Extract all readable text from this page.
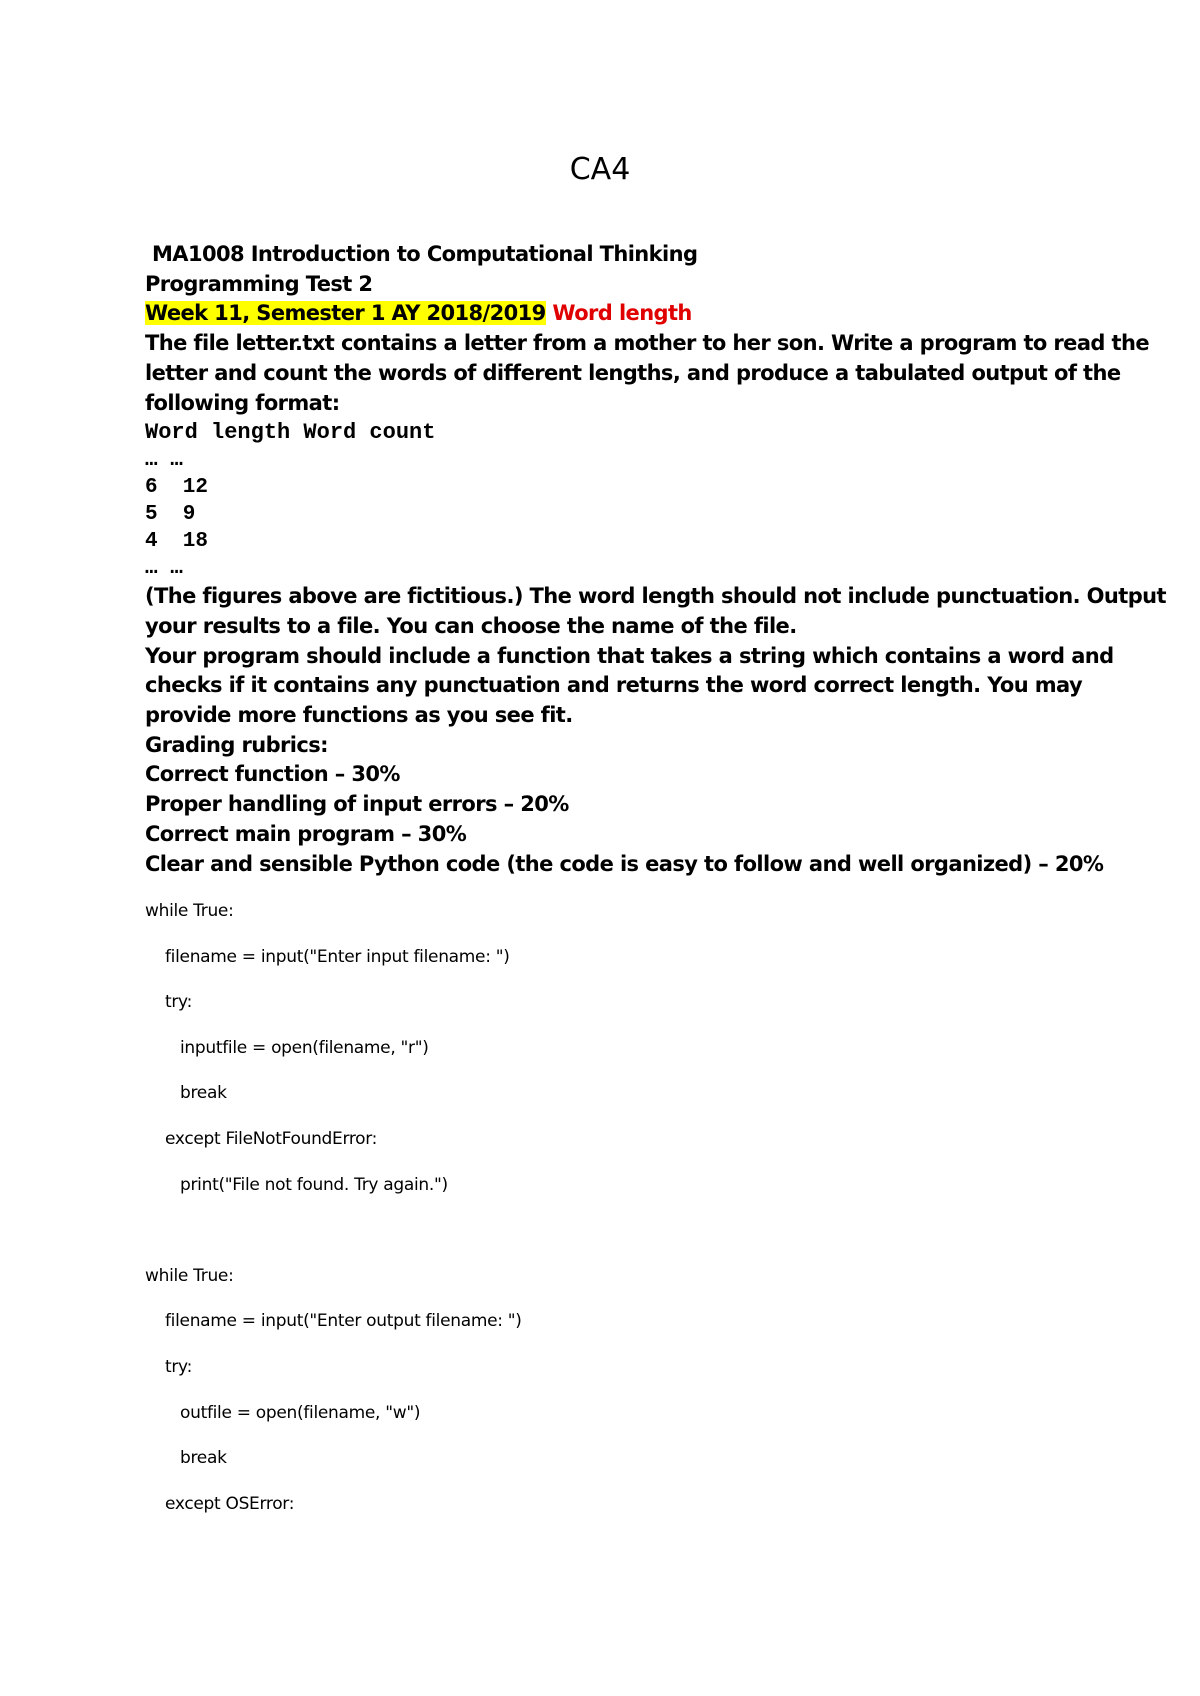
CA4
MA1008 Introduction to Computational Thinking
Programming Test 2
Week 11, Semester 1 AY 2018/2019 Word length
The file letter.txt contains a letter from a mother to her son. Write a program to read the
letter and count the words of different lengths, and produce a tabulated output of the
following format:
Word length Word count
… …
6  12
5  9
4  18
… …
(The figures above are fictitious.) The word length should not include punctuation. Output
your results to a file. You can choose the name of the file.
Your program should include a function that takes a string which contains a word and
checks if it contains any punctuation and returns the word correct length. You may
provide more functions as you see fit.
Grading rubrics:
Correct function – 30%
Proper handling of input errors – 20%
Correct main program – 30%
Clear and sensible Python code (the code is easy to follow and well organized) – 20%
while True:
filename = input("Enter input filename: ")
try:
inputfile = open(filename, "r")
break
except FileNotFoundError:
print("File not found. Try again.")
while True:
filename = input("Enter output filename: ")
try:
outfile = open(filename, "w")
break
except OSError:
